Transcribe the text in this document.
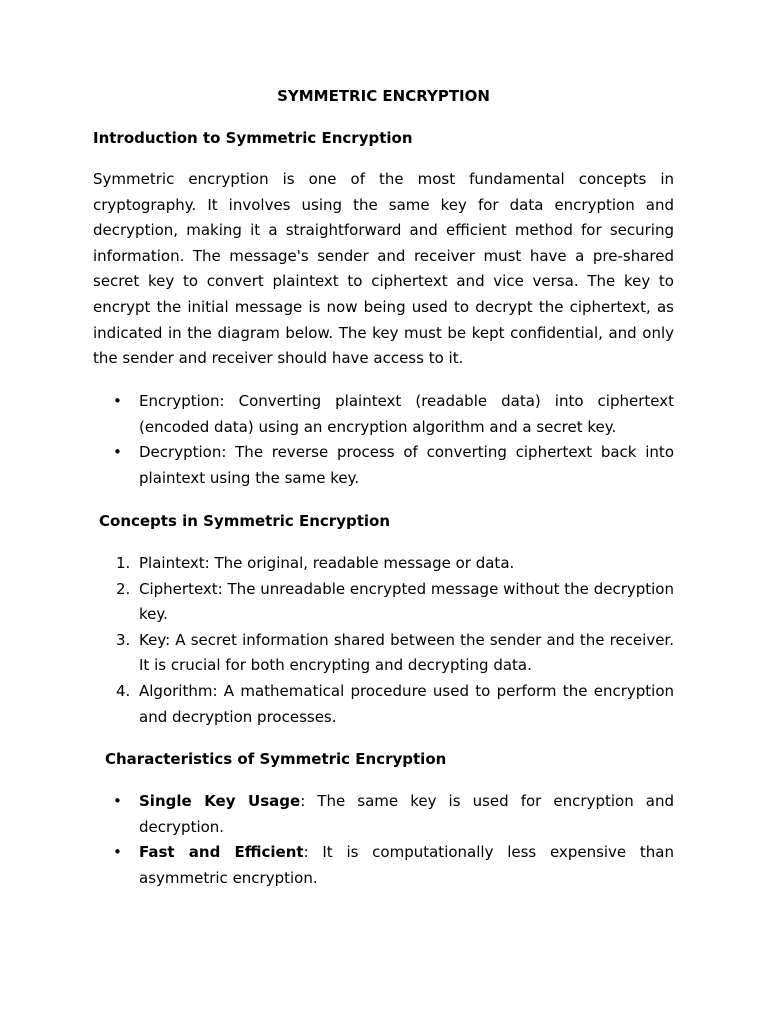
SYMMETRIC ENCRYPTION
Introduction to Symmetric Encryption

Symmetric encryption is one of the most fundamental concepts in cryptography. It involves using the same key for data encryption and decryption, making it a straightforward and efficient method for securing information. The message's sender and receiver must have a pre-shared secret key to convert plaintext to ciphertext and vice versa. The key to encrypt the initial message is now being used to decrypt the ciphertext, as indicated in the diagram below. The key must be kept confidential, and only the sender and receiver should have access to it.

• Encryption: Converting plaintext (readable data) into ciphertext (encoded data) using an encryption algorithm and a secret key.
• Decryption: The reverse process of converting ciphertext back into plaintext using the same key.
Concepts in Symmetric Encryption
1. Plaintext: The original, readable message or data.
2. Ciphertext: The unreadable encrypted message without the decryption key.
3. Key: A secret information shared between the sender and the receiver. It is crucial for both encrypting and decrypting data.
4. Algorithm: A mathematical procedure used to perform the encryption and decryption processes.
Characteristics of Symmetric Encryption
• Single Key Usage: The same key is used for encryption and decryption.
• Fast and Efficient: It is computationally less expensive than asymmetric encryption.
